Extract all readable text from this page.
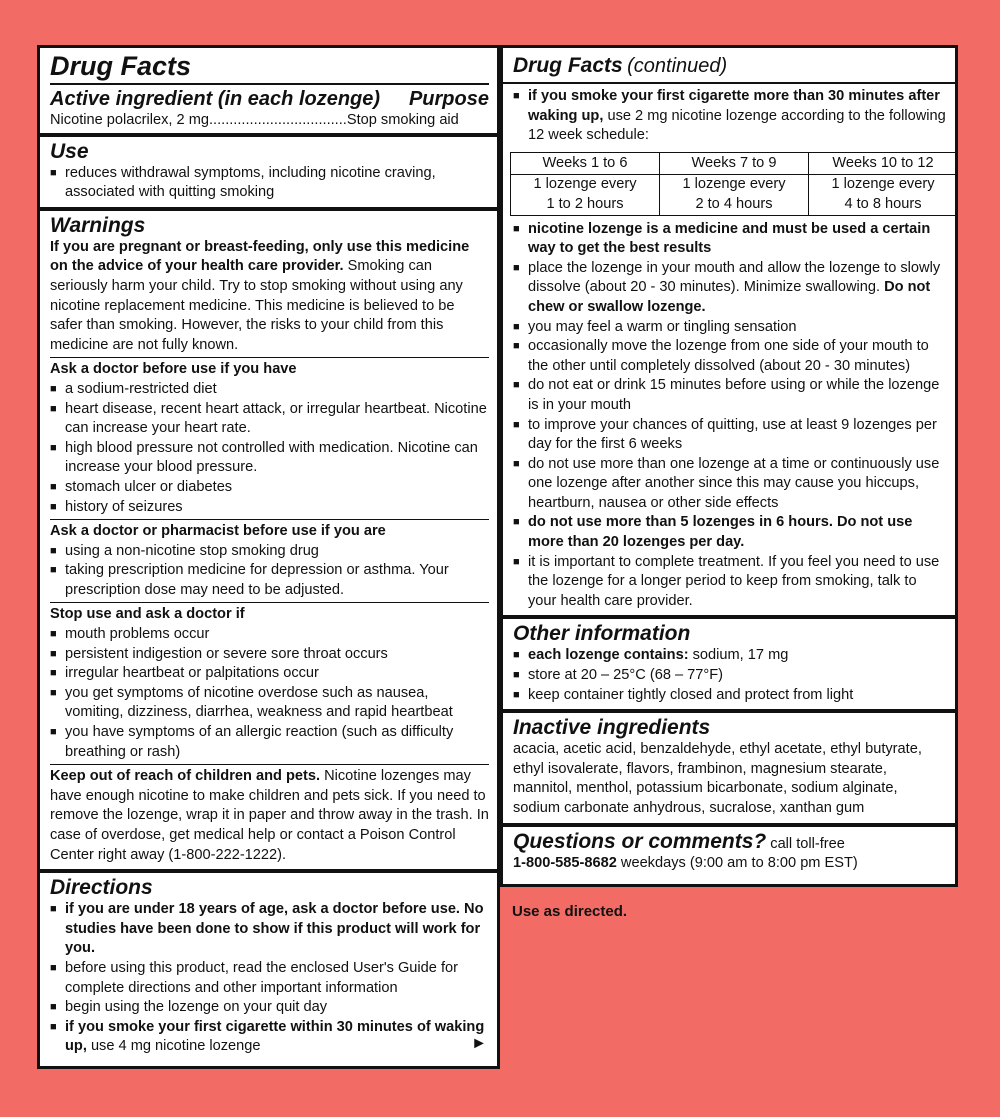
Drug Facts
Active ingredient (in each lozenge) Purpose
Nicotine polacrilex, 2 mg..................................Stop smoking aid
Use
■ reduces withdrawal symptoms, including nicotine craving, associated with quitting smoking
Warnings
If you are pregnant or breast-feeding, only use this medicine on the advice of your health care provider. Smoking can seriously harm your child. Try to stop smoking without using any nicotine replacement medicine. This medicine is believed to be safer than smoking. However, the risks to your child from this medicine are not fully known.
Ask a doctor before use if you have
■ a sodium-restricted diet
■ heart disease, recent heart attack, or irregular heartbeat. Nicotine can increase your heart rate.
■ high blood pressure not controlled with medication. Nicotine can increase your blood pressure.
■ stomach ulcer or diabetes
■ history of seizures
Ask a doctor or pharmacist before use if you are
■ using a non-nicotine stop smoking drug
■ taking prescription medicine for depression or asthma. Your prescription dose may need to be adjusted.
Stop use and ask a doctor if
■ mouth problems occur
■ persistent indigestion or severe sore throat occurs
■ irregular heartbeat or palpitations occur
■ you get symptoms of nicotine overdose such as nausea, vomiting, dizziness, diarrhea, weakness and rapid heartbeat
■ you have symptoms of an allergic reaction (such as difficulty breathing or rash)
Keep out of reach of children and pets. Nicotine lozenges may have enough nicotine to make children and pets sick. If you need to remove the lozenge, wrap it in paper and throw away in the trash. In case of overdose, get medical help or contact a Poison Control Center right away (1-800-222-1222).
Directions
■ if you are under 18 years of age, ask a doctor before use. No studies have been done to show if this product will work for you.
■ before using this product, read the enclosed User's Guide for complete directions and other important information
■ begin using the lozenge on your quit day
■ if you smoke your first cigarette within 30 minutes of waking up, use 4 mg nicotine lozenge	►
Drug Facts (continued)
■ if you smoke your first cigarette more than 30 minutes after waking up, use 2 mg nicotine lozenge according to the following 12 week schedule:
Weeks 1 to 6	Weeks 7 to 9	Weeks 10 to 12
1 lozenge every 1 to 2 hours	1 lozenge every 2 to 4 hours	1 lozenge every 4 to 8 hours
■ nicotine lozenge is a medicine and must be used a certain way to get the best results
■ place the lozenge in your mouth and allow the lozenge to slowly dissolve (about 20 - 30 minutes). Minimize swallowing. Do not chew or swallow lozenge.
■ you may feel a warm or tingling sensation
■ occasionally move the lozenge from one side of your mouth to the other until completely dissolved (about 20 - 30 minutes)
■ do not eat or drink 15 minutes before using or while the lozenge is in your mouth
■ to improve your chances of quitting, use at least 9 lozenges per day for the first 6 weeks
■ do not use more than one lozenge at a time or continuously use one lozenge after another since this may cause you hiccups, heartburn, nausea or other side effects
■ do not use more than 5 lozenges in 6 hours. Do not use more than 20 lozenges per day.
■ it is important to complete treatment. If you feel you need to use the lozenge for a longer period to keep from smoking, talk to your health care provider.
Other information
■ each lozenge contains: sodium, 17 mg
■ store at 20 – 25°C (68 – 77°F)
■ keep container tightly closed and protect from light
Inactive ingredients
acacia, acetic acid, benzaldehyde, ethyl acetate, ethyl butyrate, ethyl isovalerate, flavors, frambinon, magnesium stearate, mannitol, menthol, potassium bicarbonate, sodium alginate, sodium carbonate anhydrous, sucralose, xanthan gum
Questions or comments? call toll-free
1-800-585-8682 weekdays (9:00 am to 8:00 pm EST)
Use as directed.
